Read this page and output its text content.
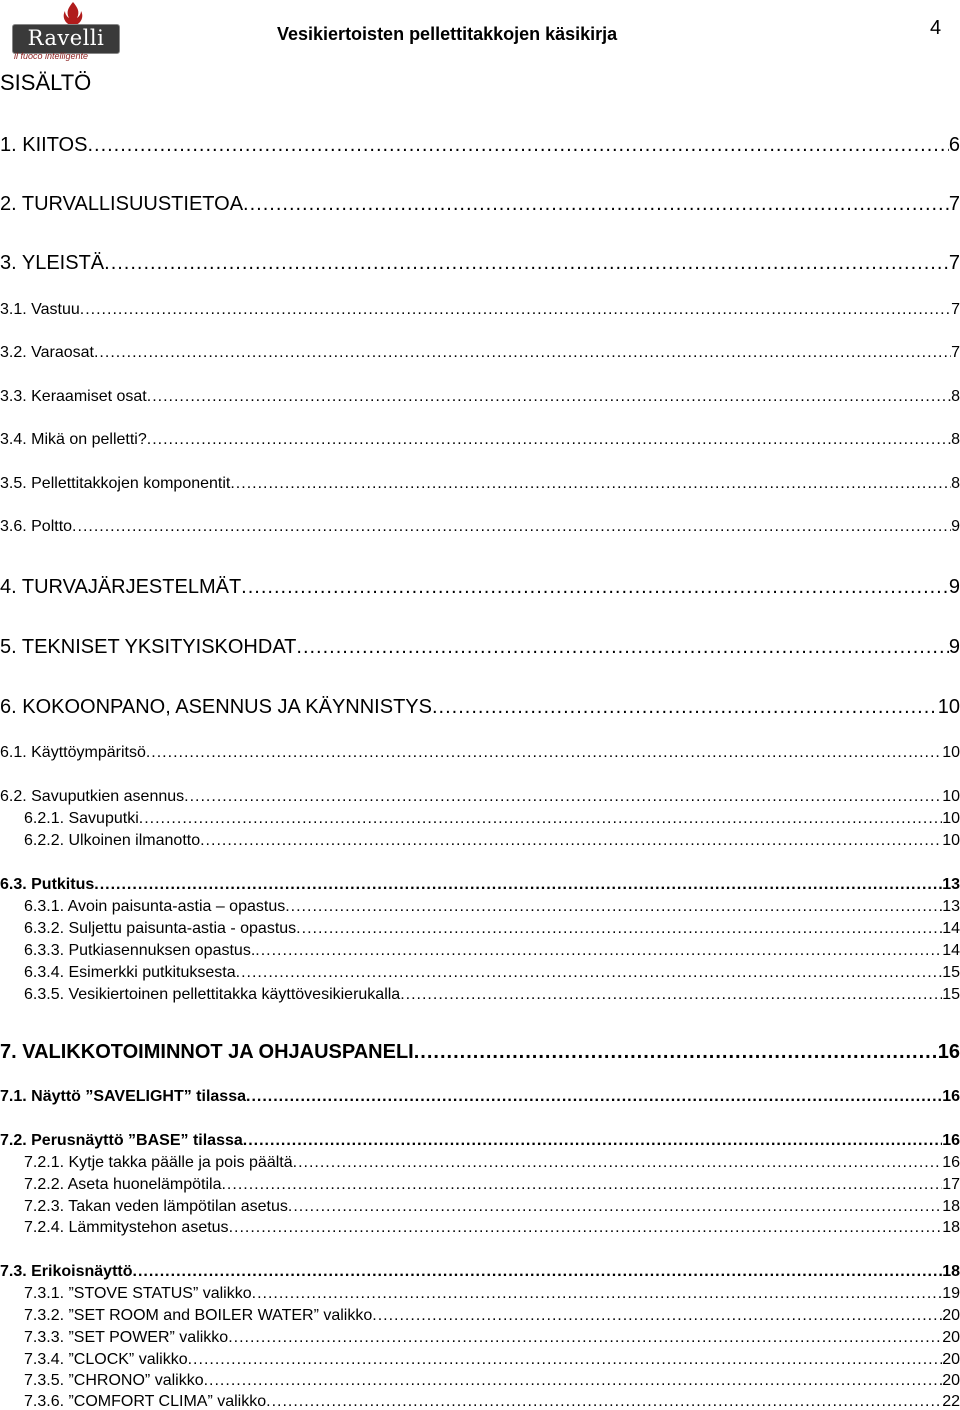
Ravelli
il fuoco intelligente
Vesikiertoisten pellettitakkojen käsikirja	4
SISÄLTÖ
1. KIITOS .....	6
2. TURVALLISUUSTIETOA .....	7
3. YLEISTÄ .....	7
3.1. Vastuu .....	7
3.2. Varaosat .....	7
3.3. Keraamiset osat .....	8
3.4. Mikä on pelletti? .....	8
3.5. Pellettitakkojen komponentit .....	8
3.6. Poltto .....	9
4. TURVAJÄRJESTELMÄT .....	9
5. TEKNISET YKSITYISKOHDAT .....	9
6. KOKOONPANO, ASENNUS JA KÄYNNISTYS .....	10
6.1. Käyttöympäritsö .....	10
6.2. Savuputkien asennus .....	10
6.2.1. Savuputki .....	10
6.2.2. Ulkoinen ilmanotto .....	10
6.3. Putkitus .....	13
6.3.1. Avoin paisunta-astia – opastus .....	13
6.3.2. Suljettu paisunta-astia - opastus .....	14
6.3.3. Putkiasennuksen opastus. .....	14
6.3.4. Esimerkki putkituksesta .....	15
6.3.5. Vesikiertoinen pellettitakka käyttövesikierukalla .....	15
7. VALIKKOTOIMINNOT JA OHJAUSPANELI .....	16
7.1. Näyttö ”SAVELIGHT” tilassa .....	16
7.2. Perusnäyttö ”BASE” tilassa .....	16
7.2.1. Kytje takka päälle ja pois päältä .....	16
7.2.2. Aseta huonelämpötila .....	17
7.2.3. Takan veden lämpötilan asetus .....	18
7.2.4. Lämmitystehon asetus .....	18
7.3. Erikoisnäyttö .....	18
7.3.1. ”STOVE STATUS” valikko .....	19
7.3.2. ”SET ROOM and BOILER WATER” valikko .....	20
7.3.3. ”SET POWER” valikko .....	20
7.3.4. ”CLOCK” valikko .....	20
7.3.5. ”CHRONO” valikko .....	20
7.3.6. ”COMFORT CLIMA” valikko .....	22
